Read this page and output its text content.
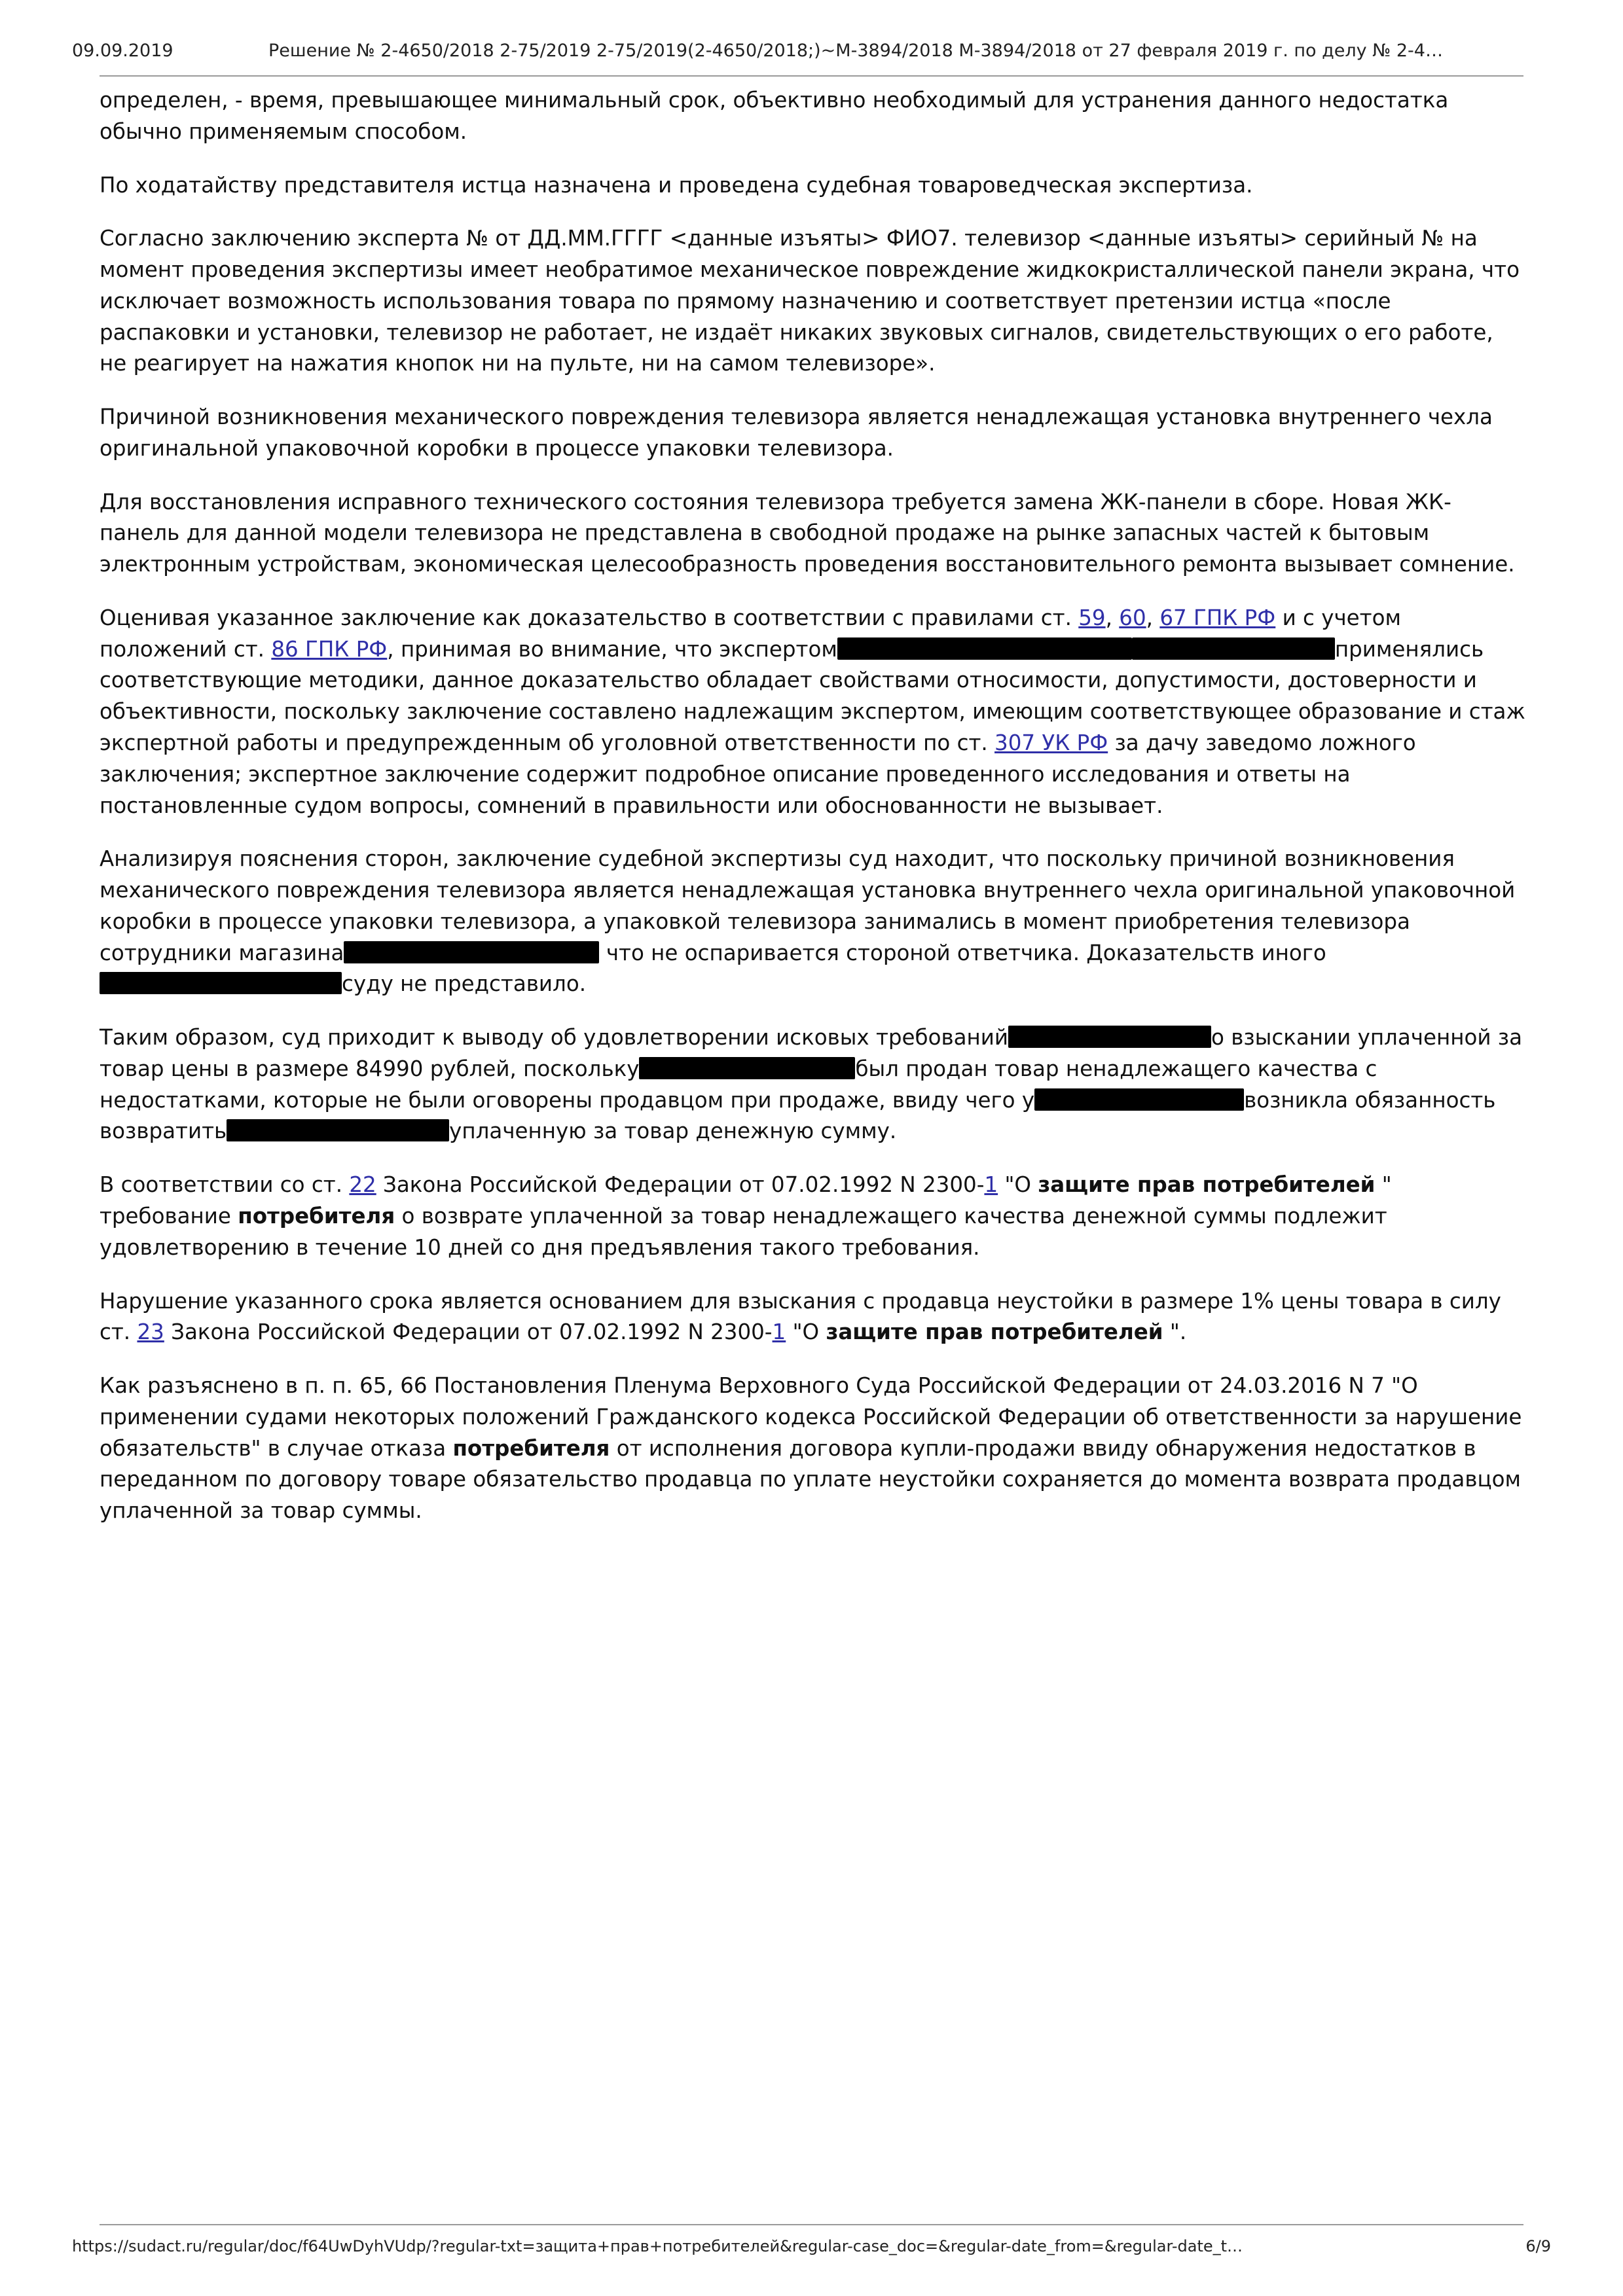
09.09.2019	Решение № 2-4650/2018 2-75/2019 2-75/2019(2-4650/2018;)~М-3894/2018 М-3894/2018 от 27 февраля 2019 г. по делу № 2-4…

определен, - время, превышающее минимальный срок, объективно необходимый для устранения данного недостатка обычно применяемым способом.

По ходатайству представителя истца назначена и проведена судебная товароведческая экспертиза.

Согласно заключению эксперта № от ДД.ММ.ГГГГ <данные изъяты> ФИО7. телевизор <данные изъяты> серийный № на момент проведения экспертизы имеет необратимое механическое повреждение жидкокристаллической панели экрана, что исключает возможность использования товара по прямому назначению и соответствует претензии истца «после распаковки и установки, телевизор не работает, не издаёт никаких звуковых сигналов, свидетельствующих о его работе, не реагирует на нажатия кнопок ни на пульте, ни на самом телевизоре».

Причиной возникновения механического повреждения телевизора является ненадлежащая установка внутреннего чехла оригинальной упаковочной коробки в процессе упаковки телевизора.

Для восстановления исправного технического состояния телевизора требуется замена ЖК-панели в сборе. Новая ЖК-панель для данной модели телевизора не представлена в свободной продаже на рынке запасных частей к бытовым электронным устройствам, экономическая целесообразность проведения восстановительного ремонта вызывает сомнение.

Оценивая указанное заключение как доказательство в соответствии с правилами ст. 59, 60, 67 ГПК РФ и с учетом положений ст. 86 ГПК РФ, принимая во внимание, что экспертом	применялись соответствующие методики, данное доказательство обладает свойствами относимости, допустимости, достоверности и объективности, поскольку заключение составлено надлежащим экспертом, имеющим соответствующее образование и стаж экспертной работы и предупрежденным об уголовной ответственности по ст. 307 УК РФ за дачу заведомо ложного заключения; экспертное заключение содержит подробное описание проведенного исследования и ответы на постановленные судом вопросы, сомнений в правильности или обоснованности не вызывает.

Анализируя пояснения сторон, заключение судебной экспертизы суд находит, что поскольку причиной возникновения механического повреждения телевизора является ненадлежащая установка внутреннего чехла оригинальной упаковочной коробки в процессе упаковки телевизора, а упаковкой телевизора занимались в момент приобретения телевизора сотрудники магазина	что не оспаривается стороной ответчика. Доказательств иногосуду не представило.

Таким образом, суд приходит к выводу об удовлетворении исковых требований	о взыскании уплаченной за товар цены в размере 84990 рублей, поскольку	был продан товар ненадлежащего качества с недостатками, которые не были оговорены продавцом при продаже, ввиду чего у	возникла обязанность возвратить	уплаченную за товар денежную сумму.

В соответствии со ст. 22 Закона Российской Федерации от 07.02.1992 N 2300-1 "О защите прав потребителей " требование потребителя о возврате уплаченной за товар ненадлежащего качества денежной суммы подлежит удовлетворению в течение 10 дней со дня предъявления такого требования.

Нарушение указанного срока является основанием для взыскания с продавца неустойки в размере 1% цены товара в силу ст. 23 Закона Российской Федерации от 07.02.1992 N 2300-1 "О защите прав потребителей ".

Как разъяснено в п. п. 65, 66 Постановления Пленума Верховного Суда Российской Федерации от 24.03.2016 N 7 "О применении судами некоторых положений Гражданского кодекса Российской Федерации об ответственности за нарушение обязательств" в случае отказа потребителя от исполнения договора купли-продажи ввиду обнаружения недостатков в переданном по договору товаре обязательство продавца по уплате неустойки сохраняется до момента возврата продавцом уплаченной за товар суммы.

https://sudact.ru/regular/doc/f64UwDyhVUdp/?regular-txt=защита+прав+потребителей&regular-case_doc=&regular-date_from=&regular-date_t…	6/9
